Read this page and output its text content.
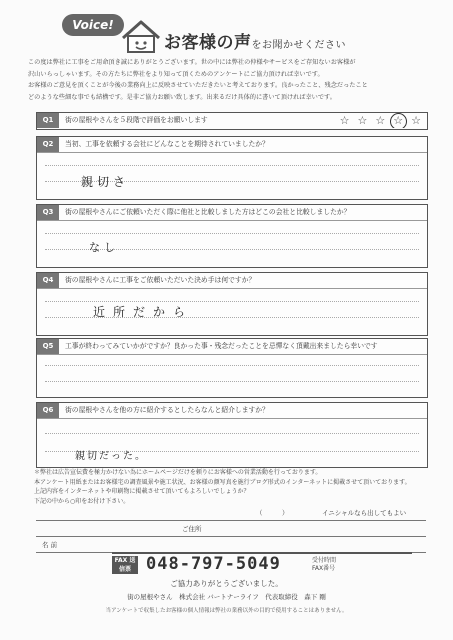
Voice!
お客様の声をお聞かせください

この度は弊社に工事をご用命頂き誠にありがとうございます。世の中には弊社の仲様やサービスをご存知ないお客様が

沢山いらっしゃいます。その方たちに弊社をより知って頂くためのアンケートにご協力頂ければ幸いです。

お客様のご意見を頂くことが今後の業務向上に反映させていただきたいと考えております。良かったこと、残念だったこと

どのような些細な事でも結構です。是非ご協力お願い致します。出来るだけ具体的に書いて頂ければ幸いです。

Q1	街の屋根やさんを５段階で評価をお願いします	☆ ☆ ☆ ☆ ☆
Q2	当初、工事を依頼する会社にどんなことを期待されていましたか？
親切さ
Q3	街の屋根やさんにご依頼いただく際に他社と比較しました方はどこの会社と比較しましたか？
なし
Q4	街の屋根やさんに工事をご依頼いただいた決め手は何ですか？
近所だから
Q5	工事が終わってみていかがですか？良かった事・残念だったことを忌憚なく頂戴出来ましたら幸いです
Q6	街の屋根やさんを他の方に紹介するとしたらなんと紹介しますか？
親切だった。

＊弊社は広告宣伝費を極力かけない為にホームページだけを頼りにお客様への営業活動を行っております。

本アンケート用紙またはお客様宅の調査風景や施工状況、お客様の顔写真を施行ブログ形式のインターネットに掲載させて頂いております。

上記内容をインターネットや印刷物に掲載させて頂いてもよろしいでしょうか？

下記の中から○印をお付け下さい。

（　　　）	イニシャルなら出してもよい
ご住所
名 前
FAX 送信票 048-797-5049	受付時間
FAX番号
ご協力ありがとうございました。
街の屋根やさん　株式会社 バートナーライフ　代表取締役　森下 剛
当アンケートで収集したお客様の個人情報は弊社の業務以外の目的で使用することはありません。
